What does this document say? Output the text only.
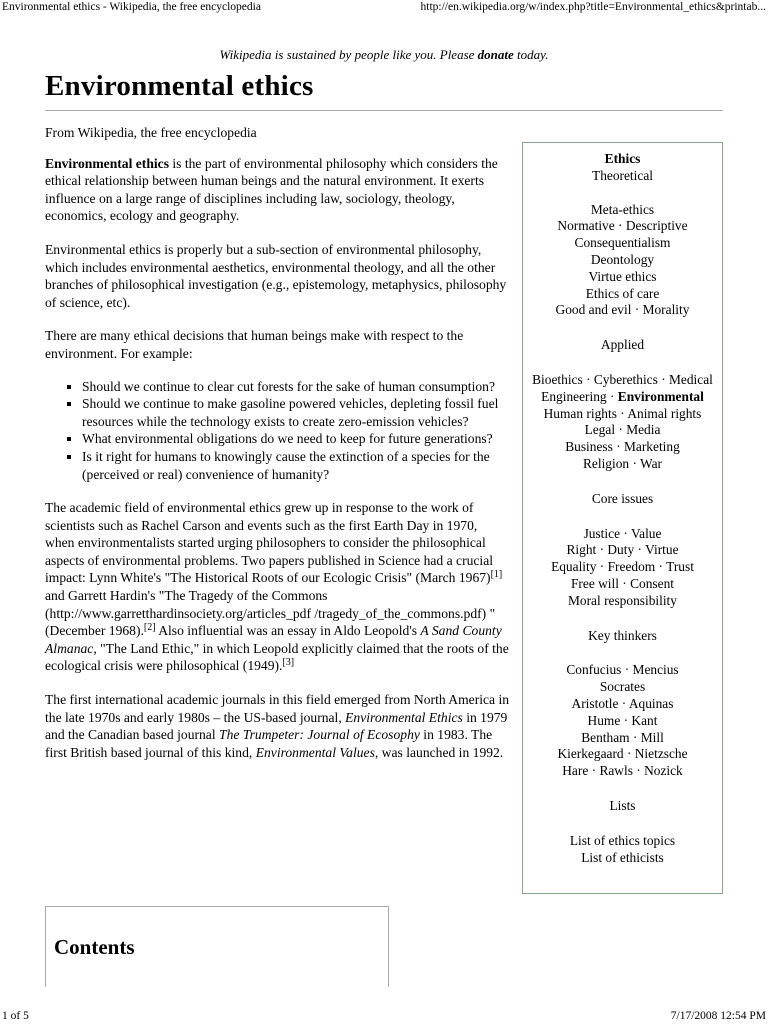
Environmental ethics - Wikipedia, the free encyclopedia	http://en.wikipedia.org/w/index.php?title=Environmental_ethics&printab...
Wikipedia is sustained by people like you. Please donate today.
Environmental ethics

From Wikipedia, the free encyclopedia

Environmental ethics is the part of environmental philosophy which considers the ethical relationship between human beings and the natural environment. It exerts influence on a large range of disciplines including law, sociology, theology, economics, ecology and geography.

Environmental ethics is properly but a sub-section of environmental philosophy, which includes environmental aesthetics, environmental theology, and all the other branches of philosophical investigation (e.g., epistemology, metaphysics, philosophy of science, etc).

There are many ethical decisions that human beings make with respect to the environment. For example:

▪ Should we continue to clear cut forests for the sake of human consumption?
▪ Should we continue to make gasoline powered vehicles, depleting fossil fuel resources while the technology exists to create zero-emission vehicles?
▪ What environmental obligations do we need to keep for future generations?
▪ Is it right for humans to knowingly cause the extinction of a species for the (perceived or real) convenience of humanity?

The academic field of environmental ethics grew up in response to the work of scientists such as Rachel Carson and events such as the first Earth Day in 1970, when environmentalists started urging philosophers to consider the philosophical aspects of environmental problems. Two papers published in Science had a crucial impact: Lynn White's "The Historical Roots of our Ecologic Crisis" (March 1967)[1] and Garrett Hardin's "The Tragedy of the Commons (http://www.garretthardinsociety.org/articles_pdf /tragedy_of_the_commons.pdf) " (December 1968).[2] Also influential was an essay in Aldo Leopold's A Sand County Almanac, "The Land Ethic," in which Leopold explicitly claimed that the roots of the ecological crisis were philosophical (1949).[3]

The first international academic journals in this field emerged from North America in the late 1970s and early 1980s – the US-based journal, Environmental Ethics in 1979 and the Canadian based journal The Trumpeter: Journal of Ecosophy in 1983. The first British based journal of this kind, Environmental Values, was launched in 1992.

Ethics
Theoretical
Meta-ethics
Normative · Descriptive
Consequentialism
Deontology
Virtue ethics
Ethics of care
Good and evil · Morality
Applied
Bioethics · Cyberethics · Medical
Engineering · Environmental
Human rights · Animal rights
Legal · Media
Business · Marketing
Religion · War
Core issues
Justice · Value
Right · Duty · Virtue
Equality · Freedom · Trust
Free will · Consent
Moral responsibility
Key thinkers
Confucius · Mencius
Socrates
Aristotle · Aquinas
Hume · Kant
Bentham · Mill
Kierkegaard · Nietzsche
Hare · Rawls · Nozick
Lists
List of ethics topics
List of ethicists
Contents
1 of 5	7/17/2008 12:54 PM
